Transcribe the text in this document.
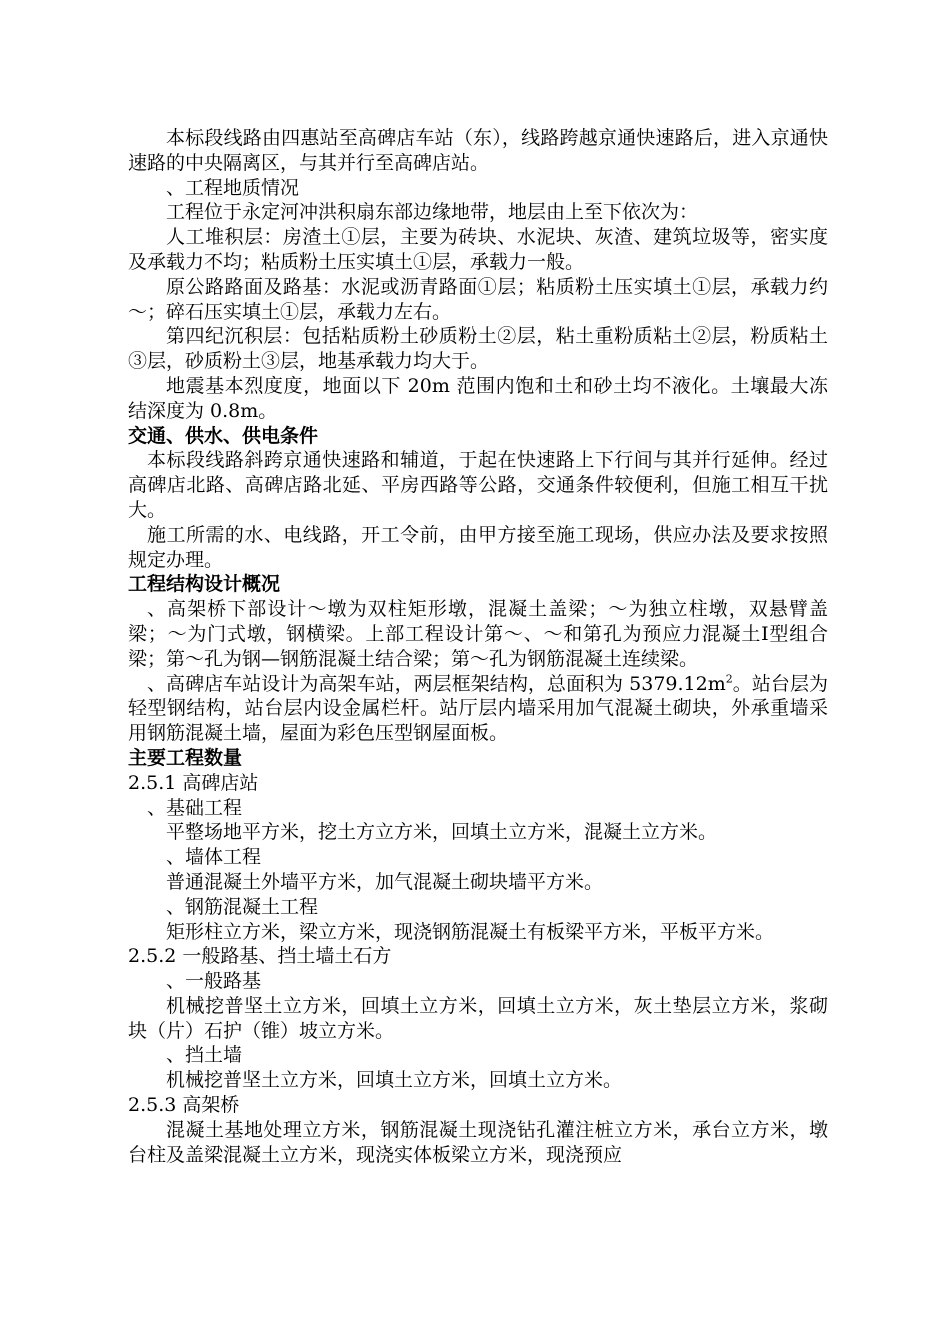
本标段线路由四惠站至高碑店车站（东），线路跨越京通快速路后，进入京通快速路的中央隔离区，与其并行至高碑店站。

、工程地质情况

工程位于永定河冲洪积扇东部边缘地带，地层由上至下依次为：

人工堆积层：房渣土①层，主要为砖块、水泥块、灰渣、建筑垃圾等，密实度及承载力不均；粘质粉土压实填土①层，承载力一般。

原公路路面及路基：水泥或沥青路面①层；粘质粉土压实填土①层，承载力约～；碎石压实填土①层，承载力左右。

第四纪沉积层：包括粘质粉土砂质粉土②层，粘土重粉质粘土②层，粉质粘土③层，砂质粉土③层，地基承载力均大于。

地震基本烈度度，地面以下 20m 范围内饱和土和砂土均不液化。土壤最大冻结深度为 0.8m。

交通、供水、供电条件

本标段线路斜跨京通快速路和辅道，于起在快速路上下行间与其并行延伸。经过高碑店北路、高碑店路北延、平房西路等公路，交通条件较便利，但施工相互干扰大。

施工所需的水、电线路，开工令前，由甲方接至施工现场，供应办法及要求按照规定办理。

工程结构设计概况

、高架桥下部设计～墩为双柱矩形墩，混凝土盖梁；～为独立柱墩，双悬臂盖梁；～为门式墩，钢横梁。上部工程设计第～、～和第孔为预应力混凝土Ⅰ型组合梁；第～孔为钢—钢筋混凝土结合梁；第～孔为钢筋混凝土连续梁。

、高碑店车站设计为高架车站，两层框架结构，总面积为 $5379.12m^2$。站台层为轻型钢结构，站台层内设金属栏杆。站厅层内墙采用加气混凝土砌块，外承重墙采用钢筋混凝土墙，屋面为彩色压型钢屋面板。

主要工程数量

2.5.1 高碑店站

、基础工程

平整场地平方米，挖土方立方米，回填土立方米，混凝土立方米。

、墙体工程

普通混凝土外墙平方米，加气混凝土砌块墙平方米。

、钢筋混凝土工程

矩形柱立方米，梁立方米，现浇钢筋混凝土有板梁平方米，平板平方米。

2.5.2 一般路基、挡土墙土石方

、一般路基

机械挖普坚土立方米，回填土立方米，回填土立方米，灰土垫层立方米，浆砌块（片）石护（锥）坡立方米。

、挡土墙

机械挖普坚土立方米，回填土立方米，回填土立方米。

2.5.3 高架桥

混凝土基地处理立方米，钢筋混凝土现浇钻孔灌注桩立方米，承台立方米，墩台柱及盖梁混凝土立方米，现浇实体板梁立方米，现浇预应
